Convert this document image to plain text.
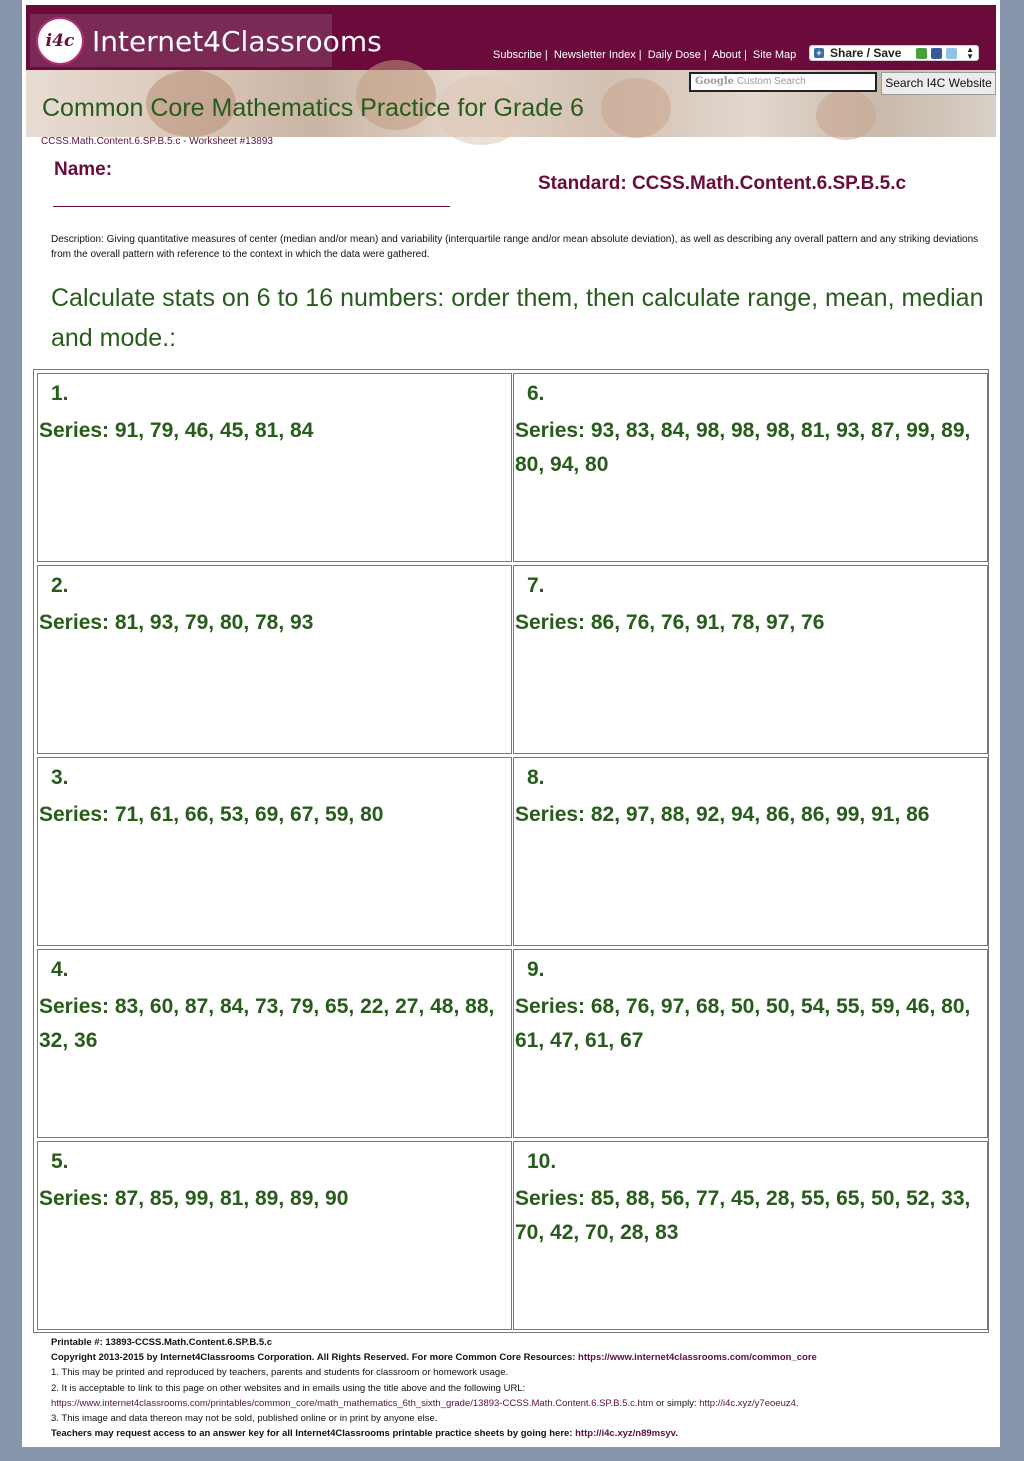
i4c Internet4Classrooms	Subscribe | Newsletter Index | Daily Dose | About | Site Map + Share / Save	▲
▼
Google Custom Search	Search I4C Website
Common Core Mathematics Practice for Grade 6
CCSS.Math.Content.6.SP.B.5.c - Worksheet #13893
Name:
Standard: CCSS.Math.Content.6.SP.B.5.c
Description: Giving quantitative measures of center (median and/or mean) and variability (interquartile range and/or mean absolute deviation), as well as describing any overall pattern and any striking deviations from the overall pattern with reference to the context in which the data were gathered.
Calculate stats on 6 to 16 numbers: order them, then calculate range, mean, median and mode.:
1.
Series: 91, 79, 46, 45, 81, 84
6.
Series: 93, 83, 84, 98, 98, 98, 81, 93, 87, 99, 89, 80, 94, 80
2.
Series: 81, 93, 79, 80, 78, 93
7.
Series: 86, 76, 76, 91, 78, 97, 76
3.
Series: 71, 61, 66, 53, 69, 67, 59, 80
8.
Series: 82, 97, 88, 92, 94, 86, 86, 99, 91, 86
4.
Series: 83, 60, 87, 84, 73, 79, 65, 22, 27, 48, 88, 32, 36
9.
Series: 68, 76, 97, 68, 50, 50, 54, 55, 59, 46, 80, 61, 47, 61, 67
5.
Series: 87, 85, 99, 81, 89, 89, 90
10.
Series: 85, 88, 56, 77, 45, 28, 55, 65, 50, 52, 33, 70, 42, 70, 28, 83
Printable #: 13893-CCSS.Math.Content.6.SP.B.5.c
Copyright 2013-2015 by Internet4Classrooms Corporation. All Rights Reserved. For more Common Core Resources: https://www.internet4classrooms.com/common_core
1. This may be printed and reproduced by teachers, parents and students for classroom or homework usage.
2. It is acceptable to link to this page on other websites and in emails using the title above and the following URL:
https://www.internet4classrooms.com/printables/common_core/math_mathematics_6th_sixth_grade/13893-CCSS.Math.Content.6.SP.B.5.c.htm or simply: http://i4c.xyz/y7eoeuz4.
3. This image and data thereon may not be sold, published online or in print by anyone else.
Teachers may request access to an answer key for all Internet4Classrooms printable practice sheets by going here: http://i4c.xyz/n89msyv.
